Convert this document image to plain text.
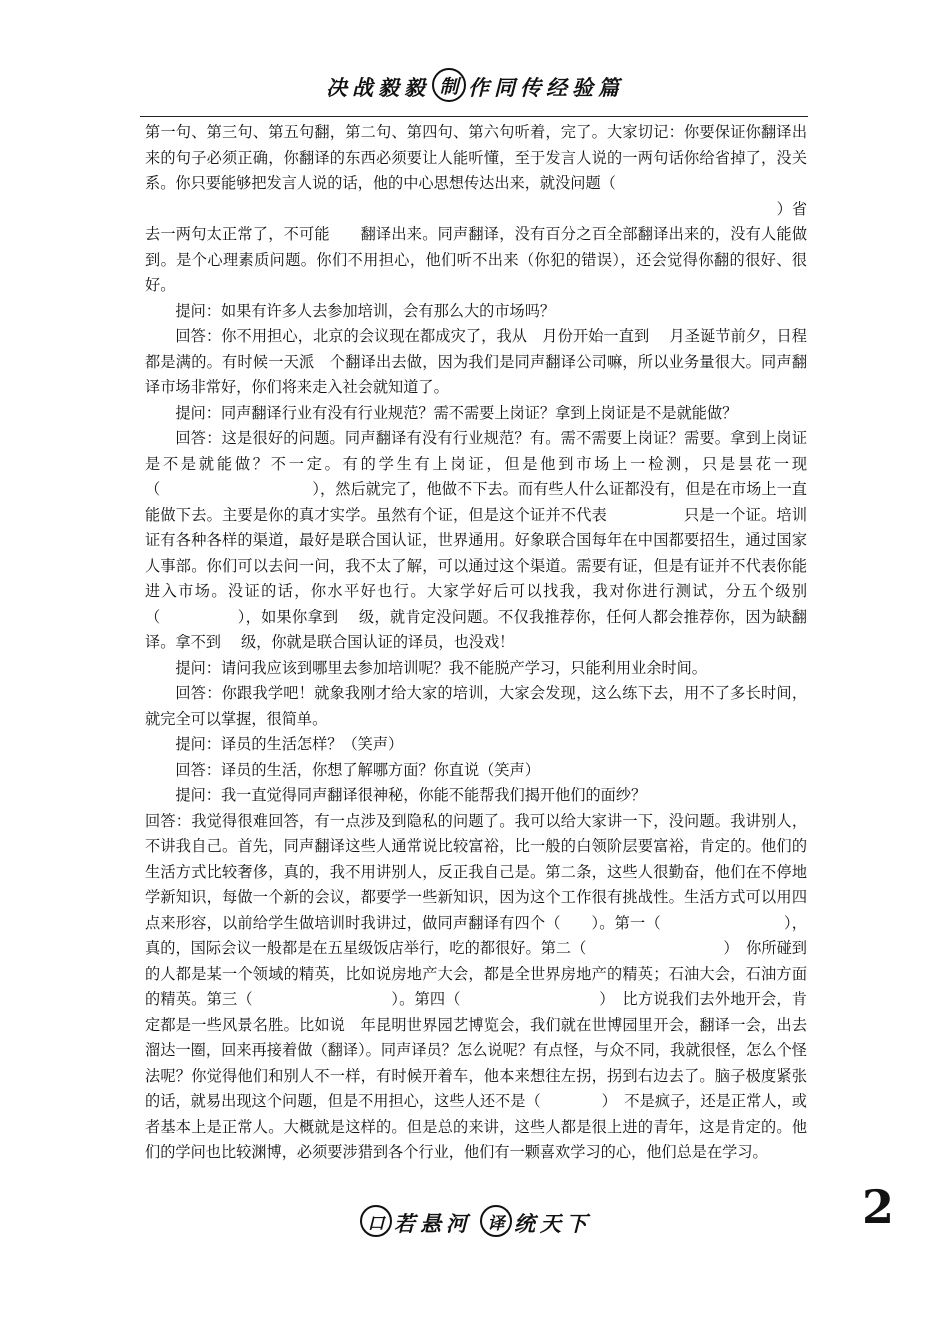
决战毅毅 制 作同传经验篇

第一句、第三句、第五句翻，第二句、第四句、第六句听着，完了。大家切记：你要保证你翻译出来的句子必须正确，你翻译的东西必须要让人能听懂，至于发言人说的一两句话你给省掉了，没关系。你只要能够把发言人说的话，他的中心思想传达出来，就没问题（

）省

去一两句太正常了，不可能　　翻译出来。同声翻译，没有百分之百全部翻译出来的，没有人能做到。是个心理素质问题。你们不用担心，他们听不出来（你犯的错误），还会觉得你翻的很好、很好。

提问：如果有许多人去参加培训，会有那么大的市场吗？

回答：你不用担心，北京的会议现在都成灾了，我从　月份开始一直到　 月圣诞节前夕，日程都是满的。有时候一天派　个翻译出去做，因为我们是同声翻译公司嘛，所以业务量很大。同声翻译市场非常好，你们将来走入社会就知道了。

提问：同声翻译行业有没有行业规范？需不需要上岗证？拿到上岗证是不是就能做？

回答：这是很好的问题。同声翻译有没有行业规范？有。需不需要上岗证？需要。拿到上岗证是不是就能做？不一定。有的学生有上岗证，但是他到市场上一检测，只是昙花一现（　　　　　　　　　　），然后就完了，他做不下去。而有些人什么证都没有，但是在市场上一直能做下去。主要是你的真才实学。虽然有个证，但是这个证并不代表　　　　　只是一个证。培训证有各种各样的渠道，最好是联合国认证，世界通用。好象联合国每年在中国都要招生，通过国家人事部。你们可以去问一问，我不太了解，可以通过这个渠道。需要有证，但是有证并不代表你能进入市场。没证的话，你水平好也行。大家学好后可以找我，我对你进行测试，分五个级别（　　　　　），如果你拿到　 级，就肯定没问题。不仅我推荐你，任何人都会推荐你，因为缺翻译。拿不到　 级，你就是联合国认证的译员，也没戏！

提问：请问我应该到哪里去参加培训呢？我不能脱产学习，只能利用业余时间。

回答：你跟我学吧！就象我刚才给大家的培训，大家会发现，这么练下去，用不了多长时间，就完全可以掌握，很简单。

提问：译员的生活怎样？（笑声）

回答：译员的生活，你想了解哪方面？你直说（笑声）

提问：我一直觉得同声翻译很神秘，你能不能帮我们揭开他们的面纱？

回答：我觉得很难回答，有一点涉及到隐私的问题了。我可以给大家讲一下，没问题。我讲别人，不讲我自己。首先，同声翻译这些人通常说比较富裕，比一般的白领阶层要富裕，肯定的。他们的生活方式比较奢侈，真的，我不用讲别人，反正我自己是。第二条，这些人很勤奋，他们在不停地学新知识，每做一个新的会议，都要学一些新知识，因为这个工作很有挑战性。生活方式可以用四点来形容，以前给学生做培训时我讲过，做同声翻译有四个（　　）。第一（　　　　　　　　），真的，国际会议一般都是在五星级饭店举行，吃的都很好。第二（　　　　　　　　　）　你所碰到的人都是某一个领域的精英，比如说房地产大会，都是全世界房地产的精英；石油大会，石油方面的精英。第三（　　　　　　　　　）。第四（　　　　　　　　　）　比方说我们去外地开会，肯定都是一些风景名胜。比如说　年昆明世界园艺博览会，我们就在世博园里开会，翻译一会，出去溜达一圈，回来再接着做（翻译）。同声译员？怎么说呢？有点怪，与众不同，我就很怪，怎么个怪法呢？你觉得他们和别人不一样，有时候开着车，他本来想往左拐，拐到右边去了。脑子极度紧张的话，就易出现这个问题，但是不用担心，这些人还不是（　　　　）　不是疯子，还是正常人，或者基本上是正常人。大概就是这样的。但是总的来讲，这些人都是很上进的青年，这是肯定的。他们的学问也比较渊博，必须要涉猎到各个行业，他们有一颗喜欢学习的心，他们总是在学习。

口 若悬河 译 统天下	2
